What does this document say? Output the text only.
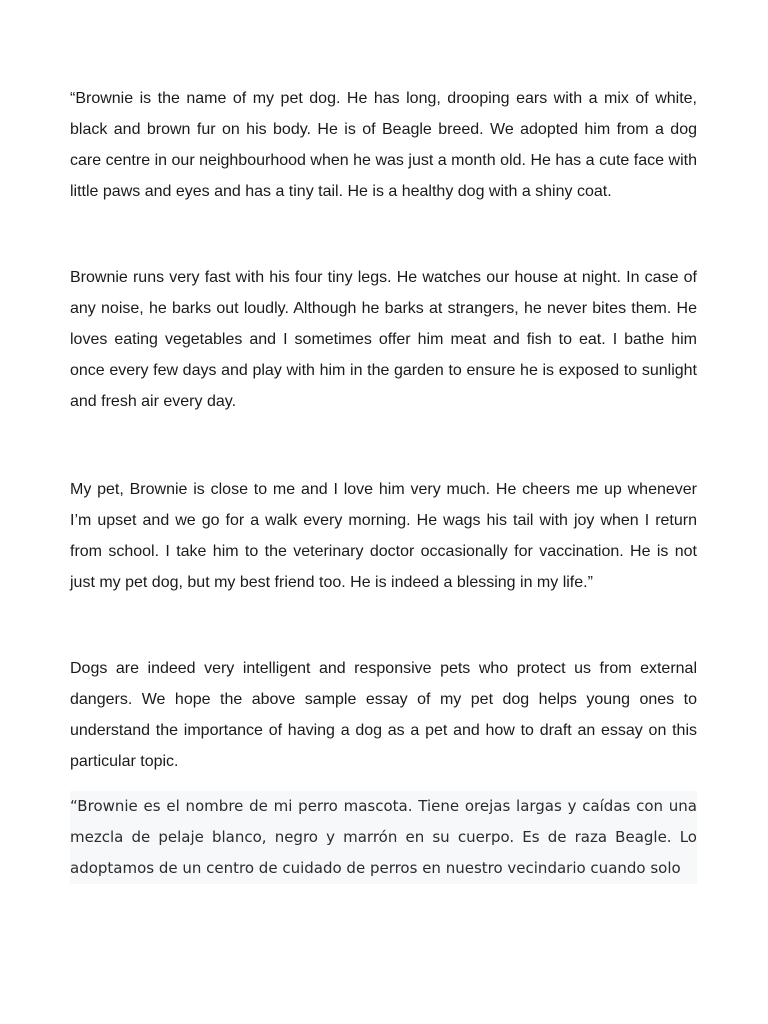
“Brownie is the name of my pet dog. He has long, drooping ears with a mix of white, black and brown fur on his body. He is of Beagle breed. We adopted him from a dog care centre in our neighbourhood when he was just a month old. He has a cute face with little paws and eyes and has a tiny tail. He is a healthy dog with a shiny coat.

Brownie runs very fast with his four tiny legs. He watches our house at night. In case of any noise, he barks out loudly. Although he barks at strangers, he never bites them. He loves eating vegetables and I sometimes offer him meat and fish to eat. I bathe him once every few days and play with him in the garden to ensure he is exposed to sunlight and fresh air every day.

My pet, Brownie is close to me and I love him very much. He cheers me up whenever I’m upset and we go for a walk every morning. He wags his tail with joy when I return from school. I take him to the veterinary doctor occasionally for vaccination. He is not just my pet dog, but my best friend too. He is indeed a blessing in my life.”

Dogs are indeed very intelligent and responsive pets who protect us from external dangers. We hope the above sample essay of my pet dog helps young ones to understand the importance of having a dog as a pet and how to draft an essay on this particular topic.

“Brownie es el nombre de mi perro mascota. Tiene orejas largas y caídas con una mezcla de pelaje blanco, negro y marrón en su cuerpo. Es de raza Beagle. Lo adoptamos de un centro de cuidado de perros en nuestro vecindario cuando solo
